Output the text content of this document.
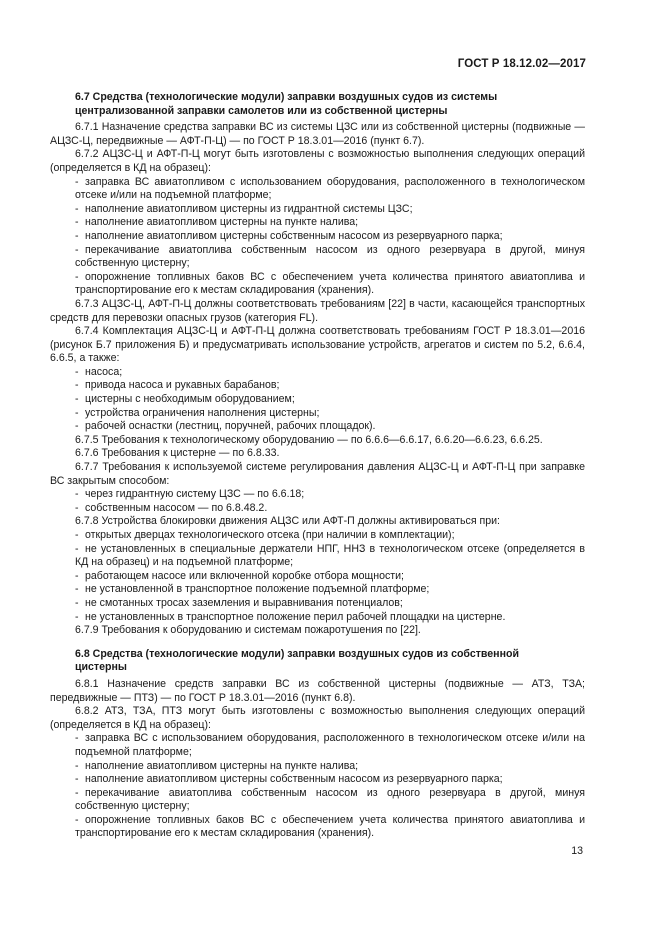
ГОСТ Р 18.12.02—2017

6.7 Средства (технологические модули) заправки воздушных судов из системы

централизованной заправки самолетов или из собственной цистерны

6.7.1 Назначение средства заправки ВС из системы ЦЗС или из собственной цистерны (подвижные — АЦЗС-Ц, передвижные — АФТ-П-Ц) — по ГОСТ Р 18.3.01—2016 (пункт 6.7).

6.7.2 АЦЗС-Ц и АФТ-П-Ц могут быть изготовлены с возможностью выполнения следующих операций (определяется в КД на образец):

- заправка ВС авиатопливом с использованием оборудования, расположенного в технологическом отсеке и/или на подъемной платформе;

- наполнение авиатопливом цистерны из гидрантной системы ЦЗС;

- наполнение авиатопливом цистерны на пункте налива;

- наполнение авиатопливом цистерны собственным насосом из резервуарного парка;

- перекачивание авиатоплива собственным насосом из одного резервуара в другой, минуя собственную цистерну;

- опорожнение топливных баков ВС с обеспечением учета количества принятого авиатоплива и транспортирование его к местам складирования (хранения).

6.7.3 АЦЗС-Ц, АФТ-П-Ц должны соответствовать требованиям [22] в части, касающейся транспортных средств для перевозки опасных грузов (категория FL).

6.7.4 Комплектация АЦЗС-Ц и АФТ-П-Ц должна соответствовать требованиям ГОСТ Р 18.3.01—2016 (рисунок Б.7 приложения Б) и предусматривать использование устройств, агрегатов и систем по 5.2, 6.6.4, 6.6.5, а также:

- насоса;

- привода насоса и рукавных барабанов;

- цистерны с необходимым оборудованием;

- устройства ограничения наполнения цистерны;

- рабочей оснастки (лестниц, поручней, рабочих площадок).

6.7.5 Требования к технологическому оборудованию — по 6.6.6—6.6.17, 6.6.20—6.6.23, 6.6.25.

6.7.6 Требования к цистерне — по 6.8.33.

6.7.7 Требования к используемой системе регулирования давления АЦЗС-Ц и АФТ-П-Ц при заправке ВС закрытым способом:

- через гидрантную систему ЦЗС — по 6.6.18;

- собственным насосом — по 6.8.48.2.

6.7.8 Устройства блокировки движения АЦЗС или АФТ-П должны активироваться при:

- открытых дверцах технологического отсека (при наличии в комплектации);

- не установленных в специальные держатели НПГ, ННЗ в технологическом отсеке (определяется в КД на образец) и на подъемной платформе;

- работающем насосе или включенной коробке отбора мощности;

- не установленной в транспортное положение подъемной платформе;

- не смотанных тросах заземления и выравнивания потенциалов;

- не установленных в транспортное положение перил рабочей площадки на цистерне.

6.7.9 Требования к оборудованию и системам пожаротушения по [22].

6.8 Средства (технологические модули) заправки воздушных судов из собственной

цистерны

6.8.1 Назначение средств заправки ВС из собственной цистерны (подвижные — АТЗ, ТЗА; передвижные — ПТЗ) — по ГОСТ Р 18.3.01—2016 (пункт 6.8).

6.8.2 АТЗ, ТЗА, ПТЗ могут быть изготовлены с возможностью выполнения следующих операций (определяется в КД на образец):

- заправка ВС с использованием оборудования, расположенного в технологическом отсеке и/или на подъемной платформе;

- наполнение авиатопливом цистерны на пункте налива;

- наполнение авиатопливом цистерны собственным насосом из резервуарного парка;

- перекачивание авиатоплива собственным насосом из одного резервуара в другой, минуя собственную цистерну;

- опорожнение топливных баков ВС с обеспечением учета количества принятого авиатоплива и транспортирование его к местам складирования (хранения).

13
